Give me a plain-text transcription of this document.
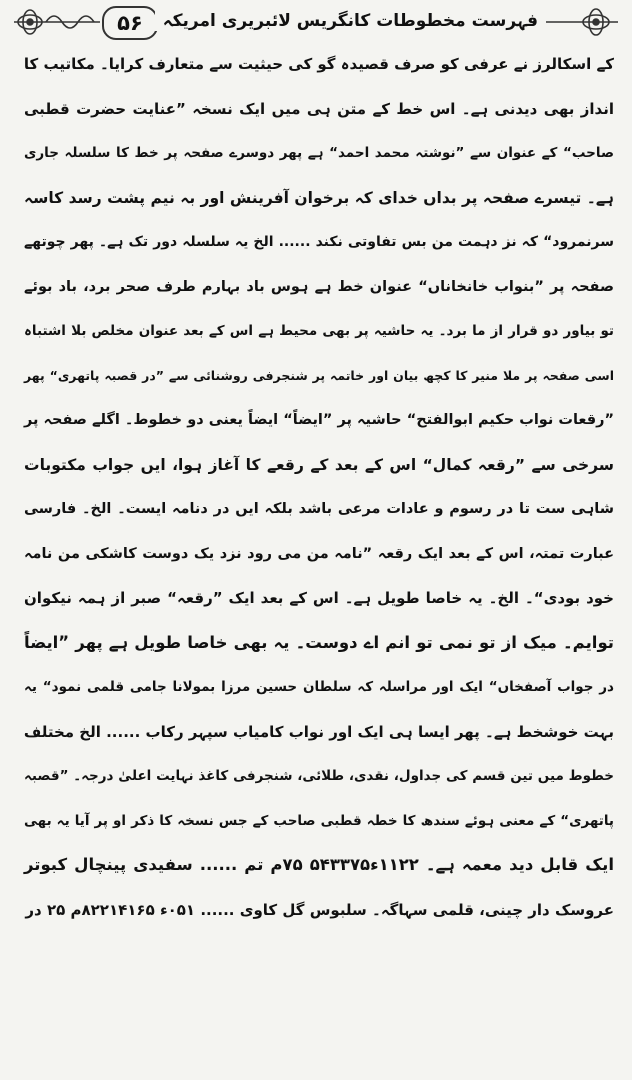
۵۶	فہرست مخطوطات کانگریس لائبریری امریکہ
کے اسکالرز نے عرفی کو صرف قصیدہ گو کی حیثیت سے متعارف کرایا۔ مکاتیب کا
انداز بھی دیدنی ہے۔ اس خط کے متن ہی میں ایک نسخہ ”عنایت حضرت قطبی
صاحب“ کے عنوان سے ”نوشتہ محمد احمد“ ہے پھر دوسرے صفحہ پر خط کا سلسلہ جاری
ہے۔ تیسرے صفحہ پر بداں خدای کہ برخوان آفرینش اور بہ نیم پشت رسد کاسہ
سرنمرود“ کہ نز دہمت من بس تفاوتی نکند ...... الخ یہ سلسلہ دور تک ہے۔ پھر چوتھے
صفحہ پر ”بنواب خانخاناں“ عنوان خط ہے ہوس باد بہارم طرف صحر برد، باد بوئے
تو بیاور دو قرار از ما برد۔ یہ حاشیہ پر بھی محیط ہے اس کے بعد عنوان مخلص بلا اشتباہ
اسی صفحہ پر ملا منیر کا کچھ بیان اور خاتمہ پر شنجرفی روشنائی سے ”در قصبہ پاتھری“ پھر
”رقعات نواب حکیم ابوالفتح“ حاشیہ پر ”ایضاً“ ایضاً یعنی دو خطوط۔ اگلے صفحہ پر
سرخی سے ”رقعہ کمال“ اس کے بعد کے رقعے کا آغاز ہوا، ایں جواب مکتوبات
شاہی ست تا در رسوم و عادات مرعی باشد بلکہ ایں در دنامہ ایست۔ الخ۔ فارسی
عبارت تمتہ، اس کے بعد ایک رقعہ ”نامہ من می رود نزد یک دوست کاشکی من نامہ
خود بودی“۔ الخ۔ یہ خاصا طویل ہے۔ اس کے بعد ایک ”رقعہ“ صبر از ہمہ نیکوان
توایم۔ میک از تو نمی تو انم اے دوست۔ یہ بھی خاصا طویل ہے پھر ”ایضاً
در جواب آصفخاں“ ایک اور مراسلہ کہ سلطان حسین مرزا بمولانا جامی قلمی نمود“ یہ
بہت خوشخط ہے۔ پھر ایسا ہی ایک اور نواب کامیاب سپہر رکاب ...... الخ مختلف
خطوط میں تین قسم کی جداول، نقدی، طلائی، شنجرفی کاغذ نہایت اعلیٰ درجہ۔ ”قصبہ
پاتھری“ کے معنی ہوئے سندھ کا خطہ قطبی صاحب کے جس نسخہ کا ذکر او پر آیا یہ بھی
ایک قابل دید معمہ ہے۔ ۱۱۲۲ء۵۴۳۳۷۵ ۷۵م تم ...... سفیدی پینچال کبوتر
عروسک دار چینی، قلمی سہاگہ۔ سلبوس گل کاوی ...... ۰۵۱ء ۸۲۲۱۴۱۶۵م ۲۵ در
